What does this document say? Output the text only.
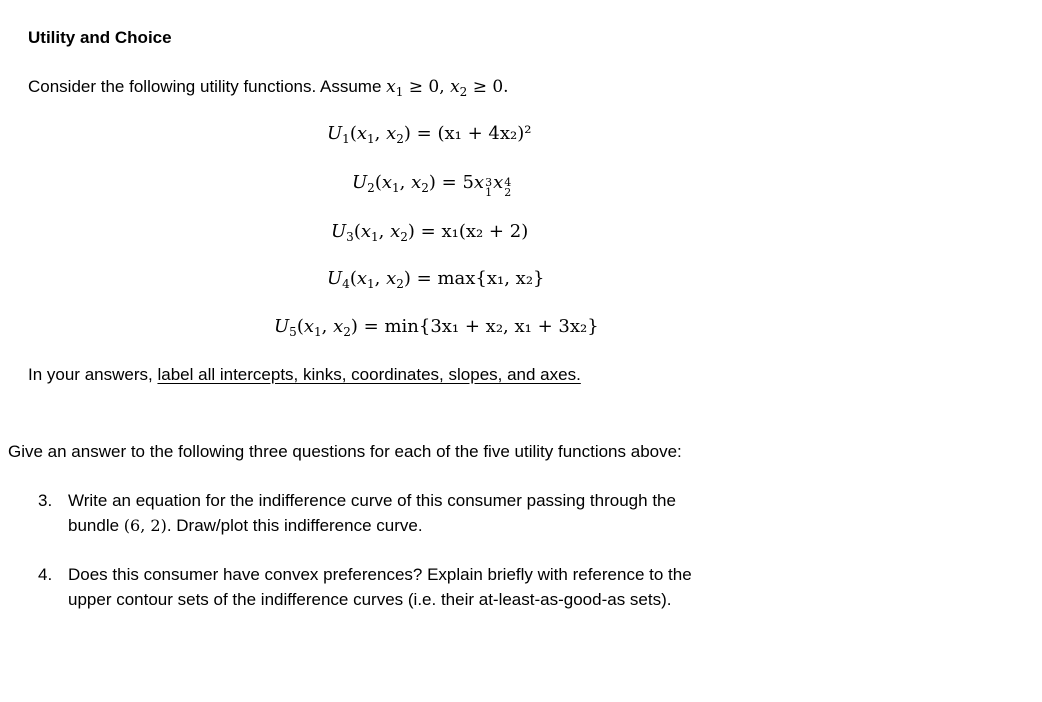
Utility and Choice
Consider the following utility functions. Assume $x_1 \ge 0$, $x_2 \ge 0$.
$U_1(x_1$, $x_2) = (x_1 + 4x_2)^2$
$U_2(x_1$, $x_2) = 5x$ 3
1 x 4
2
$U_3(x_1$, $x_2) = x_1(x_2 + 2)$
$U_4(x_1$, $x_2) = \max\{x_1$, x₂}
$U_5(x_1$, $x_2) = \min\{3x_1 + x_2$, x₁ + 3x₂}
In your answers, label all intercepts, kinks, coordinates, slopes, and axes.
Give an answer to the following three questions for each of the five utility functions above:
3. Write an equation for the indifference curve of this consumer passing through the
bundle (6, 2). Draw/plot this indifference curve.
4. Does this consumer have convex preferences? Explain briefly with reference to the
upper contour sets of the indifference curves (i.e. their at-least-as-good-as sets).
